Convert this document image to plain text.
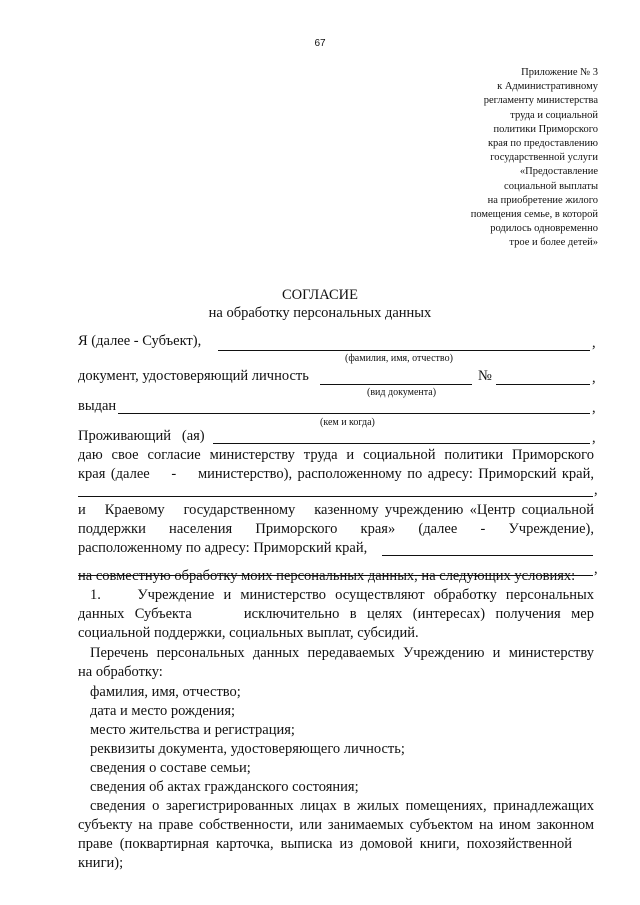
67
Приложение № 3
к Административному
регламенту министерства
труда и социальной
политики Приморского
края по предоставлению
государственной услуги
«Предоставление
социальной выплаты
на приобретение жилого
помещения семье, в которой
родилось одновременно
трое и более детей»
СОГЛАСИЕ
на обработку персональных данных
Я (далее - Субъект),	,
(фамилия, имя, отчество)
документ, удостоверяющий личность	№	,
(вид документа)
выдан	,
(кем и когда)
Проживающий   (ая)	,
даю свое согласие министерству труда и социальной политики Приморского
края (далее    -    министерство), расположенному по адресу: Приморский край,
,
и   Краевому   государственному   казенному учреждению «Центр социальной
поддержки   населения   Приморского   края»   (далее   -   Учреждение),
расположенному по адресу: Приморский край,
,
на совместную обработку моих персональных данных, на следующих условиях:
1.    Учреждение и министерство осуществляют обработку персональных
данных Субъекта     исключительно в целях (интересах) получения мер
социальной поддержки, социальных выплат, субсидий.
Перечень персональных данных передаваемых Учреждению и министерству
на обработку:
фамилия, имя, отчество;
дата и место рождения;
место жительства и регистрация;
реквизиты документа, удостоверяющего личность;
сведения о составе семьи;
сведения об актах гражданского состояния;
сведения о зарегистрированных лицах в жилых помещениях, принадлежащих
субъекту на праве собственности, или занимаемых субъектом на ином законном
праве (поквартирная карточка, выписка из домовой книги, похозяйственной
книги);
